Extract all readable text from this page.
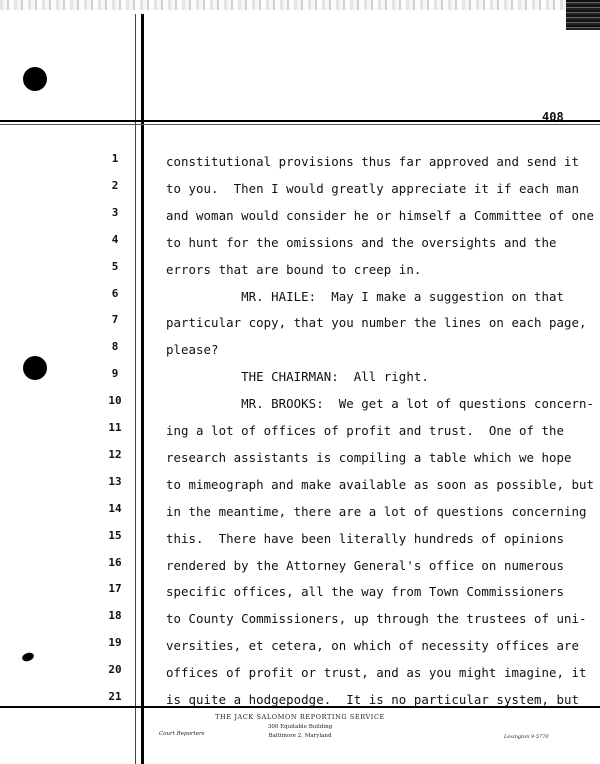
408
1
2
3
4
5
6
7
8
9
10
11
12
13
14
15
16
17
18
19
20
21
constitutional provisions thus far approved and send it
to you.  Then I would greatly appreciate it if each man
and woman would consider he or himself a Committee of one
to hunt for the omissions and the oversights and the
errors that are bound to creep in.
MR. HAILE:  May I make a suggestion on that
particular copy, that you number the lines on each page,
please?
THE CHAIRMAN:  All right.
MR. BROOKS:  We get a lot of questions concern-
ing a lot of offices of profit and trust.  One of the
research assistants is compiling a table which we hope
to mimeograph and make available as soon as possible, but
in the meantime, there are a lot of questions concerning
this.  There have been literally hundreds of opinions
rendered by the Attorney General's office on numerous
specific offices, all the way from Town Commissioners
to County Commissioners, up through the trustees of uni-
versities, et cetera, on which of necessity offices are
offices of profit or trust, and as you might imagine, it
is quite a hodgepodge.  It is no particular system, but
THE JACK SALOMON REPORTING SERVICE
300 Equitable Building
Baltimore 2, Maryland
Court Reporters	Lexington 9-5770
